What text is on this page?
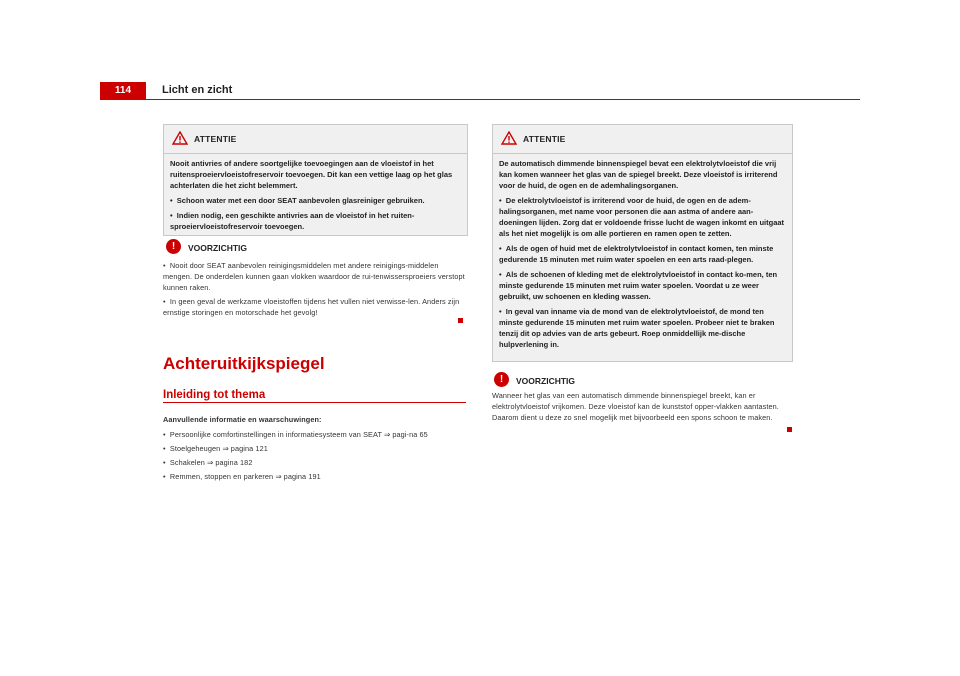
114	Licht en zicht
ATTENTIE

Nooit antivries of andere soortgelijke toevoegingen aan de vloeistof in het ruitensproeiervloeistofreservoir toevoegen. Dit kan een vettige laag op het glas achterlaten die het zicht belemmert.

•  Schoon water met een door SEAT aanbevolen glasreiniger gebruiken.

•  Indien nodig, een geschikte antivries aan de vloeistof in het ruiten-sproeiervloeistofreservoir toevoegen.

!	VOORZICHTIG

•  Nooit door SEAT aanbevolen reinigingsmiddelen met andere reinigings-middelen mengen. De onderdelen kunnen gaan vlokken waardoor de rui-tenwissersproeiers verstopt kunnen raken.

•  In geen geval de werkzame vloeistoffen tijdens het vullen niet verwisse-len. Anders zijn ernstige storingen en motorschade het gevolg!

Achteruitkijkspiegel
Inleiding tot thema

Aanvullende informatie en waarschuwingen:

•  Persoonlijke comfortinstellingen in informatiesysteem van SEAT ⇒ pagi-na 65

•  Stoelgeheugen ⇒ pagina 121

•  Schakelen ⇒ pagina 182

•  Remmen, stoppen en parkeren ⇒ pagina 191

ATTENTIE

De automatisch dimmende binnenspiegel bevat een elektrolytvloeistof die vrij kan komen wanneer het glas van de spiegel breekt. Deze vloeistof is irriterend voor de huid, de ogen en de ademhalingsorganen.

•  De elektrolytvloeistof is irriterend voor de huid, de ogen en de adem-halingsorganen, met name voor personen die aan astma of andere aan-doeningen lijden. Zorg dat er voldoende frisse lucht de wagen inkomt en uitgaat als het niet mogelijk is om alle portieren en ramen open te zetten.

•  Als de ogen of huid met de elektrolytvloeistof in contact komen, ten minste gedurende 15 minuten met ruim water spoelen en een arts raad-plegen.

•  Als de schoenen of kleding met de elektrolytvloeistof in contact ko-men, ten minste gedurende 15 minuten met ruim water spoelen. Voordat u ze weer gebruikt, uw schoenen en kleding wassen.

•  In geval van inname via de mond van de elektrolytvloeistof, de mond ten minste gedurende 15 minuten met ruim water spoelen. Probeer niet te braken tenzij dit op advies van de arts gebeurt. Roep onmiddellijk me-dische hulpverlening in.

!	VOORZICHTIG

Wanneer het glas van een automatisch dimmende binnenspiegel breekt, kan er elektrolytvloeistof vrijkomen. Deze vloeistof kan de kunststof opper-vlakken aantasten. Daarom dient u deze zo snel mogelijk met bijvoorbeeld een spons schoon te maken.
